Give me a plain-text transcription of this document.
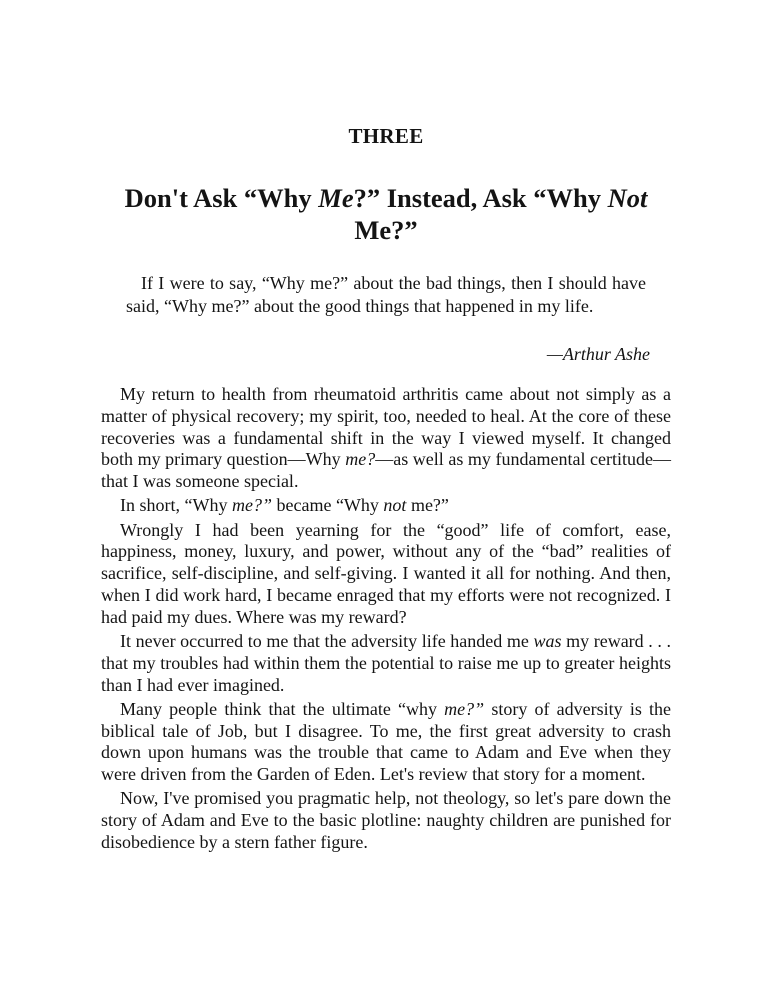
THREE
Don't Ask “Why Me?” Instead, Ask “Why Not Me?”

If I were to say, “Why me?” about the bad things, then I should have said, “Why me?” about the good things that happened in my life.

—Arthur Ashe

My return to health from rheumatoid arthritis came about not simply as a matter of physical recovery; my spirit, too, needed to heal. At the core of these recoveries was a fundamental shift in the way I viewed myself. It changed both my primary question—Why me?—as well as my fundamental certitude—that I was someone special.

In short, “Why me?” became “Why not me?”

Wrongly I had been yearning for the “good” life of comfort, ease, happiness, money, luxury, and power, without any of the “bad” realities of sacrifice, self-discipline, and self-giving. I wanted it all for nothing. And then, when I did work hard, I became enraged that my efforts were not recognized. I had paid my dues. Where was my reward?

It never occurred to me that the adversity life handed me was my reward . . . that my troubles had within them the potential to raise me up to greater heights than I had ever imagined.

Many people think that the ultimate “why me?” story of adversity is the biblical tale of Job, but I disagree. To me, the first great adversity to crash down upon humans was the trouble that came to Adam and Eve when they were driven from the Garden of Eden. Let's review that story for a moment.

Now, I've promised you pragmatic help, not theology, so let's pare down the story of Adam and Eve to the basic plotline: naughty children are punished for disobedience by a stern father figure.
